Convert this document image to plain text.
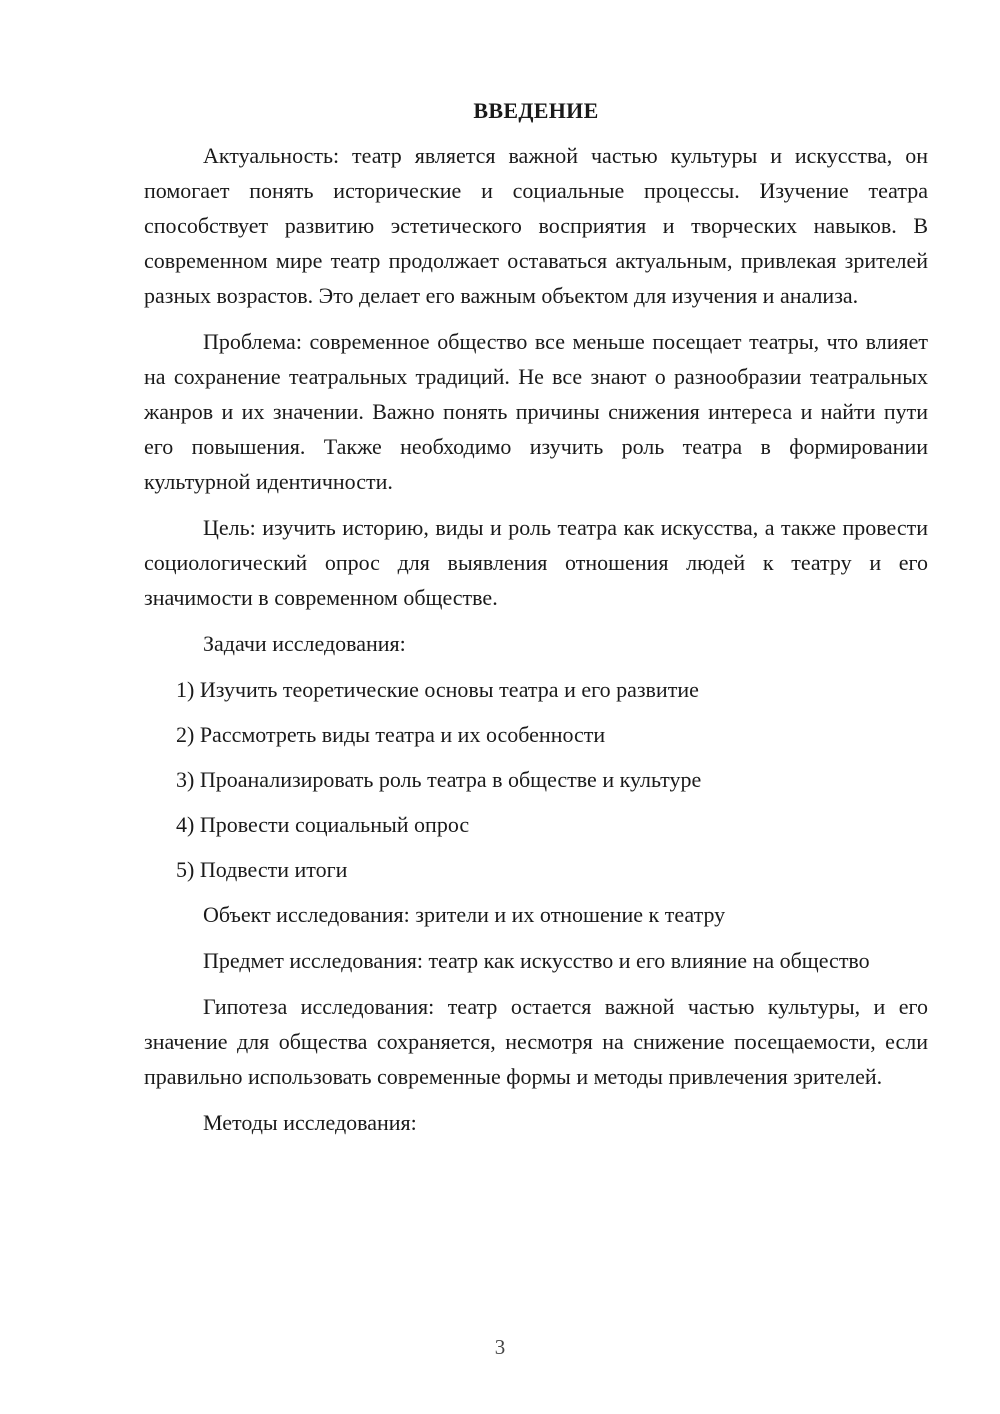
ВВЕДЕНИЕ

Актуальность: театр является важной частью культуры и искусства, он помогает понять исторические и социальные процессы. Изучение театра способствует развитию эстетического восприятия и творческих навыков. В современном мире театр продолжает оставаться актуальным, привлекая зрителей разных возрастов. Это делает его важным объектом для изучения и анализа.

Проблема: современное общество все меньше посещает театры, что влияет на сохранение театральных традиций. Не все знают о разнообразии театральных жанров и их значении. Важно понять причины снижения интереса и найти пути его повышения. Также необходимо изучить роль театра в формировании культурной идентичности.

Цель: изучить историю, виды и роль театра как искусства, а также провести социологический опрос для выявления отношения людей к театру и его значимости в современном обществе.

Задачи исследования:

1) Изучить теоретические основы театра и его развитие
2) Рассмотреть виды театра и их особенности
3) Проанализировать роль театра в обществе и культуре
4) Провести социальный опрос
5) Подвести итоги

Объект исследования: зрители и их отношение к театру

Предмет исследования: театр как искусство и его влияние на общество

Гипотеза исследования: театр остается важной частью культуры, и его значение для общества сохраняется, несмотря на снижение посещаемости, если правильно использовать современные формы и методы привлечения зрителей.

Методы исследования:

3
